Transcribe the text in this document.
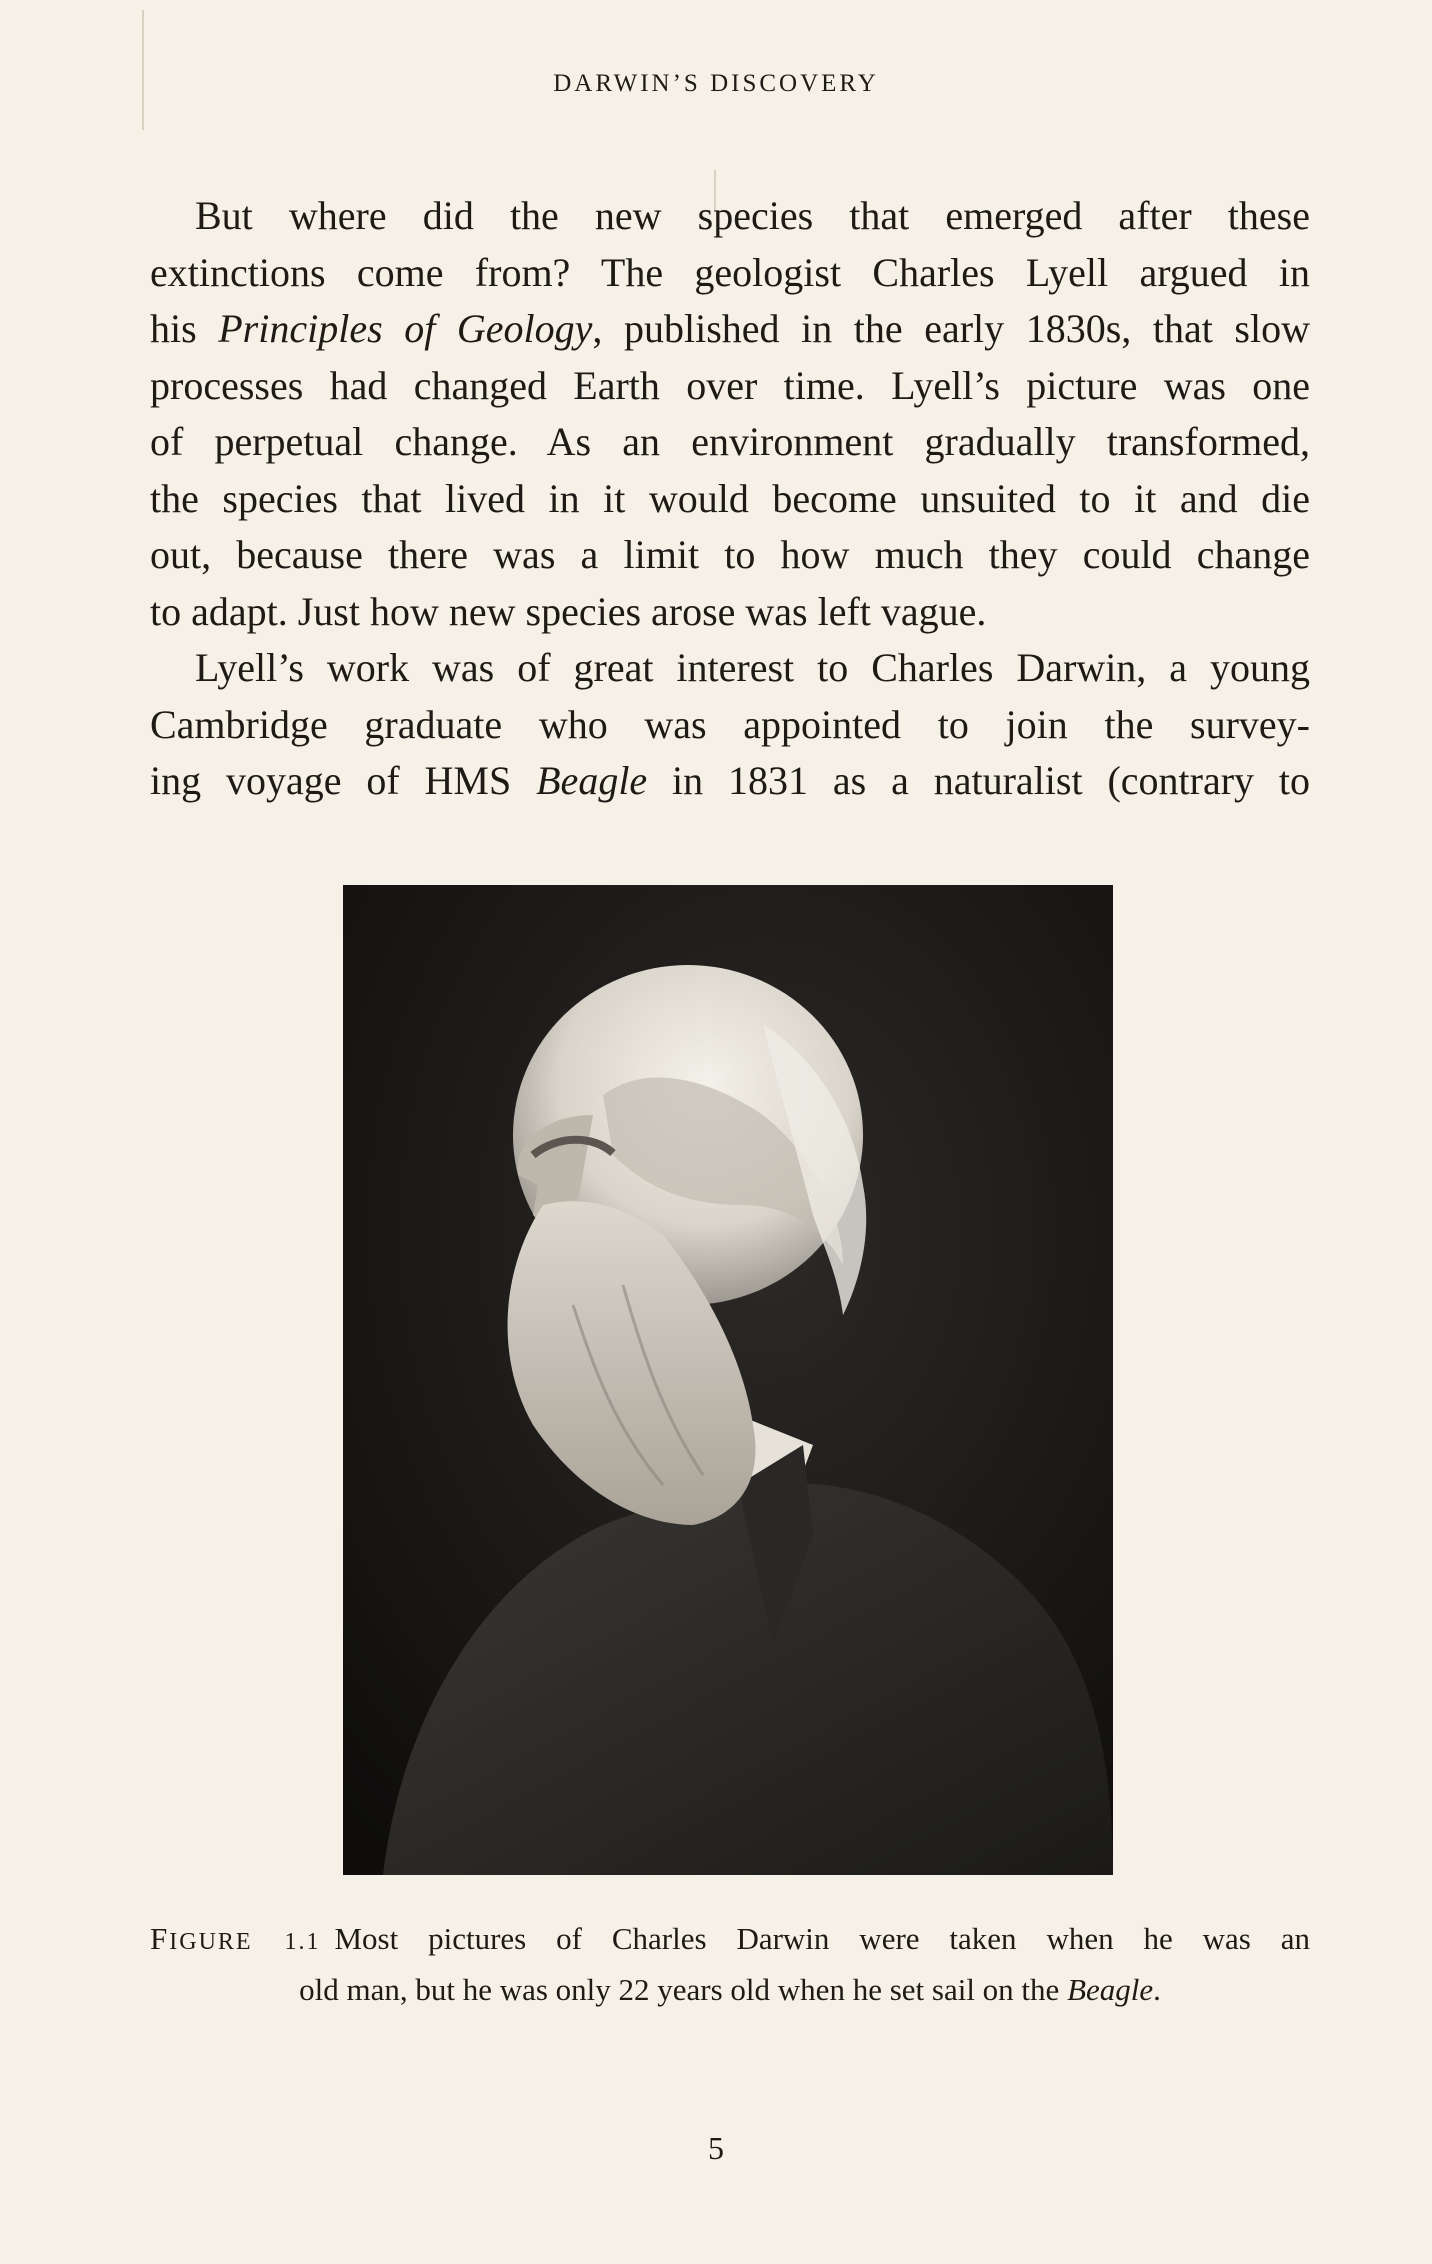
DARWIN’S DISCOVERY
But where did the new species that emerged after these
extinctions come from? The geologist Charles Lyell argued in
his Principles of Geology, published in the early 1830s, that slow
processes had changed Earth over time. Lyell’s picture was one
of perpetual change. As an environment gradually transformed,
the species that lived in it would become unsuited to it and die
out, because there was a limit to how much they could change
to adapt. Just how new species arose was left vague.
Lyell’s work was of great interest to Charles Darwin, a young
Cambridge graduate who was appointed to join the survey-
ing voyage of HMS Beagle in 1831 as a naturalist (contrary to
FIGURE 1.1 Most pictures of Charles Darwin were taken when he was an
old man, but he was only 22 years old when he set sail on the Beagle.
5
